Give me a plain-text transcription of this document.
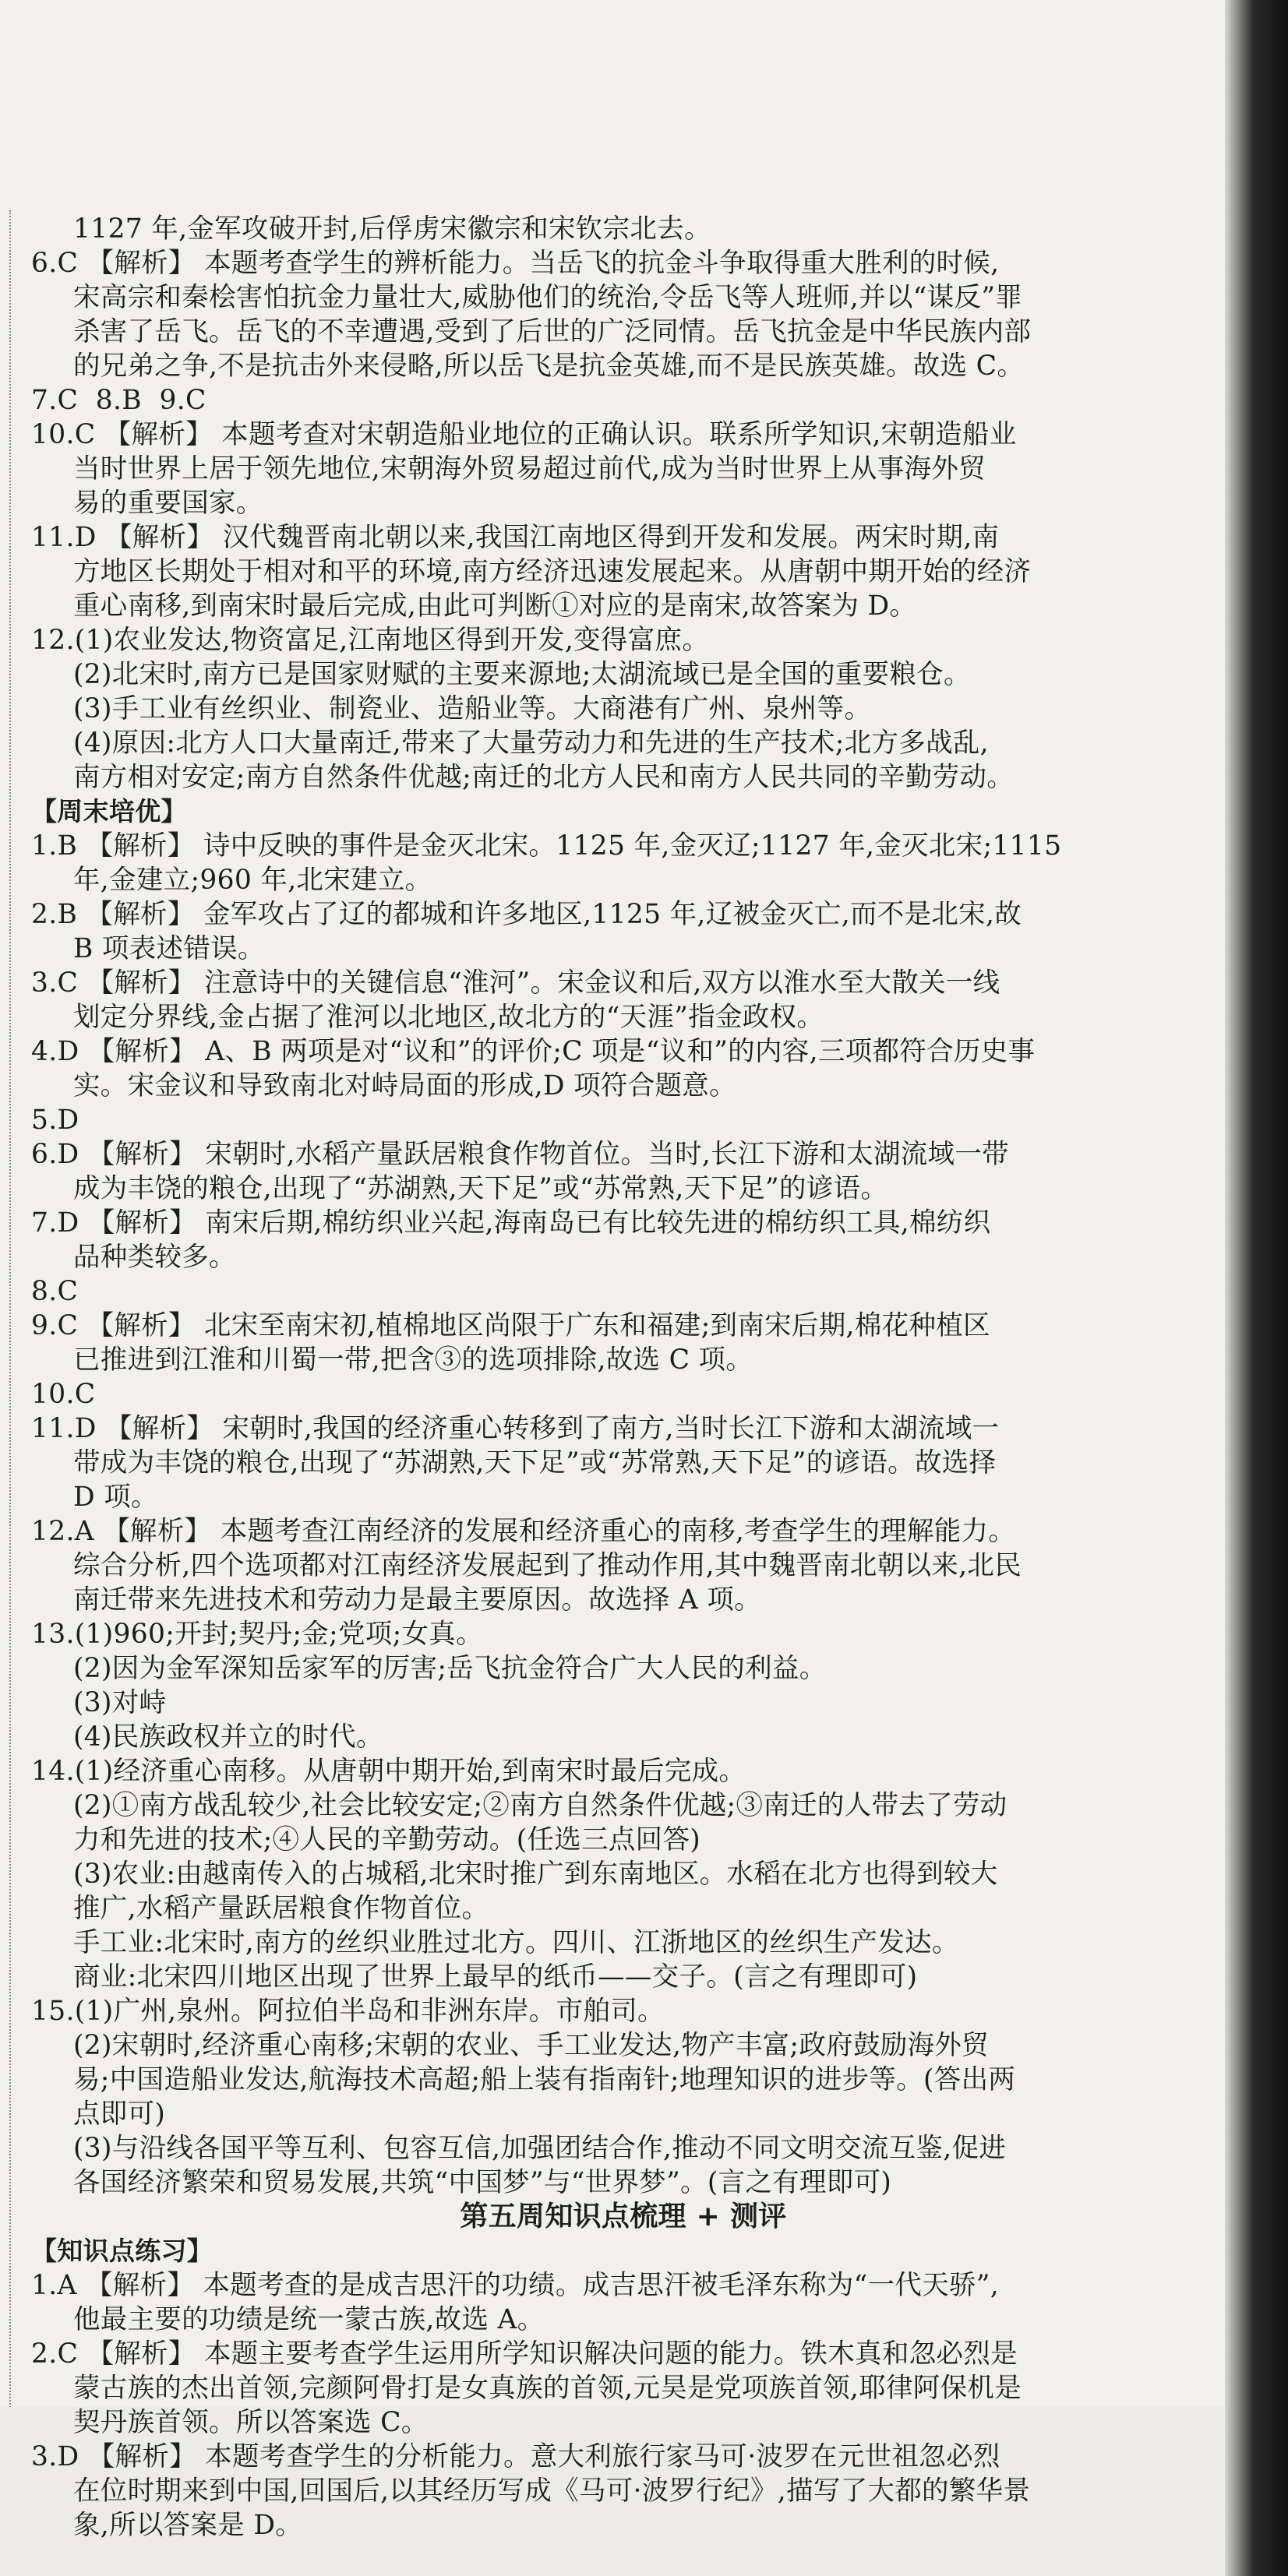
1127 年,金军攻破开封,后俘虏宋徽宗和宋钦宗北去。
6.C 【解析】 本题考查学生的辨析能力。当岳飞的抗金斗争取得重大胜利的时候,
宋高宗和秦桧害怕抗金力量壮大,威胁他们的统治,令岳飞等人班师,并以“谋反”罪
杀害了岳飞。岳飞的不幸遭遇,受到了后世的广泛同情。岳飞抗金是中华民族内部
的兄弟之争,不是抗击外来侵略,所以岳飞是抗金英雄,而不是民族英雄。故选 C。
7.C  8.B  9.C
10.C 【解析】 本题考查对宋朝造船业地位的正确认识。联系所学知识,宋朝造船业
当时世界上居于领先地位,宋朝海外贸易超过前代,成为当时世界上从事海外贸
易的重要国家。
11.D 【解析】 汉代魏晋南北朝以来,我国江南地区得到开发和发展。两宋时期,南
方地区长期处于相对和平的环境,南方经济迅速发展起来。从唐朝中期开始的经济
重心南移,到南宋时最后完成,由此可判断①对应的是南宋,故答案为 D。
12.(1)农业发达,物资富足,江南地区得到开发,变得富庶。
(2)北宋时,南方已是国家财赋的主要来源地;太湖流域已是全国的重要粮仓。
(3)手工业有丝织业、制瓷业、造船业等。大商港有广州、泉州等。
(4)原因:北方人口大量南迁,带来了大量劳动力和先进的生产技术;北方多战乱,
南方相对安定;南方自然条件优越;南迁的北方人民和南方人民共同的辛勤劳动。
【周末培优】
1.B 【解析】 诗中反映的事件是金灭北宋。1125 年,金灭辽;1127 年,金灭北宋;1115
年,金建立;960 年,北宋建立。
2.B 【解析】 金军攻占了辽的都城和许多地区,1125 年,辽被金灭亡,而不是北宋,故
B 项表述错误。
3.C 【解析】 注意诗中的关键信息“淮河”。宋金议和后,双方以淮水至大散关一线
划定分界线,金占据了淮河以北地区,故北方的“天涯”指金政权。
4.D 【解析】 A、B 两项是对“议和”的评价;C 项是“议和”的内容,三项都符合历史事
实。宋金议和导致南北对峙局面的形成,D 项符合题意。
5.D
6.D 【解析】 宋朝时,水稻产量跃居粮食作物首位。当时,长江下游和太湖流域一带
成为丰饶的粮仓,出现了“苏湖熟,天下足”或“苏常熟,天下足”的谚语。
7.D 【解析】 南宋后期,棉纺织业兴起,海南岛已有比较先进的棉纺织工具,棉纺织
品种类较多。
8.C
9.C 【解析】 北宋至南宋初,植棉地区尚限于广东和福建;到南宋后期,棉花种植区
已推进到江淮和川蜀一带,把含③的选项排除,故选 C 项。
10.C
11.D 【解析】 宋朝时,我国的经济重心转移到了南方,当时长江下游和太湖流域一
带成为丰饶的粮仓,出现了“苏湖熟,天下足”或“苏常熟,天下足”的谚语。故选择
D 项。
12.A 【解析】 本题考查江南经济的发展和经济重心的南移,考查学生的理解能力。
综合分析,四个选项都对江南经济发展起到了推动作用,其中魏晋南北朝以来,北民
南迁带来先进技术和劳动力是最主要原因。故选择 A 项。
13.(1)960;开封;契丹;金;党项;女真。
(2)因为金军深知岳家军的厉害;岳飞抗金符合广大人民的利益。
(3)对峙
(4)民族政权并立的时代。
14.(1)经济重心南移。从唐朝中期开始,到南宋时最后完成。
(2)①南方战乱较少,社会比较安定;②南方自然条件优越;③南迁的人带去了劳动
力和先进的技术;④人民的辛勤劳动。(任选三点回答)
(3)农业:由越南传入的占城稻,北宋时推广到东南地区。水稻在北方也得到较大
推广,水稻产量跃居粮食作物首位。
手工业:北宋时,南方的丝织业胜过北方。四川、江浙地区的丝织生产发达。
商业:北宋四川地区出现了世界上最早的纸币——交子。(言之有理即可)
15.(1)广州,泉州。阿拉伯半岛和非洲东岸。市舶司。
(2)宋朝时,经济重心南移;宋朝的农业、手工业发达,物产丰富;政府鼓励海外贸
易;中国造船业发达,航海技术高超;船上装有指南针;地理知识的进步等。(答出两
点即可)
(3)与沿线各国平等互利、包容互信,加强团结合作,推动不同文明交流互鉴,促进
各国经济繁荣和贸易发展,共筑“中国梦”与“世界梦”。(言之有理即可)
第五周知识点梳理 + 测评
【知识点练习】
1.A 【解析】 本题考查的是成吉思汗的功绩。成吉思汗被毛泽东称为“一代天骄”,
他最主要的功绩是统一蒙古族,故选 A。
2.C 【解析】 本题主要考查学生运用所学知识解决问题的能力。铁木真和忽必烈是
蒙古族的杰出首领,完颜阿骨打是女真族的首领,元昊是党项族首领,耶律阿保机是
契丹族首领。所以答案选 C。
3.D 【解析】 本题考查学生的分析能力。意大利旅行家马可·波罗在元世祖忽必烈
在位时期来到中国,回国后,以其经历写成《马可·波罗行纪》,描写了大都的繁华景
象,所以答案是 D。
